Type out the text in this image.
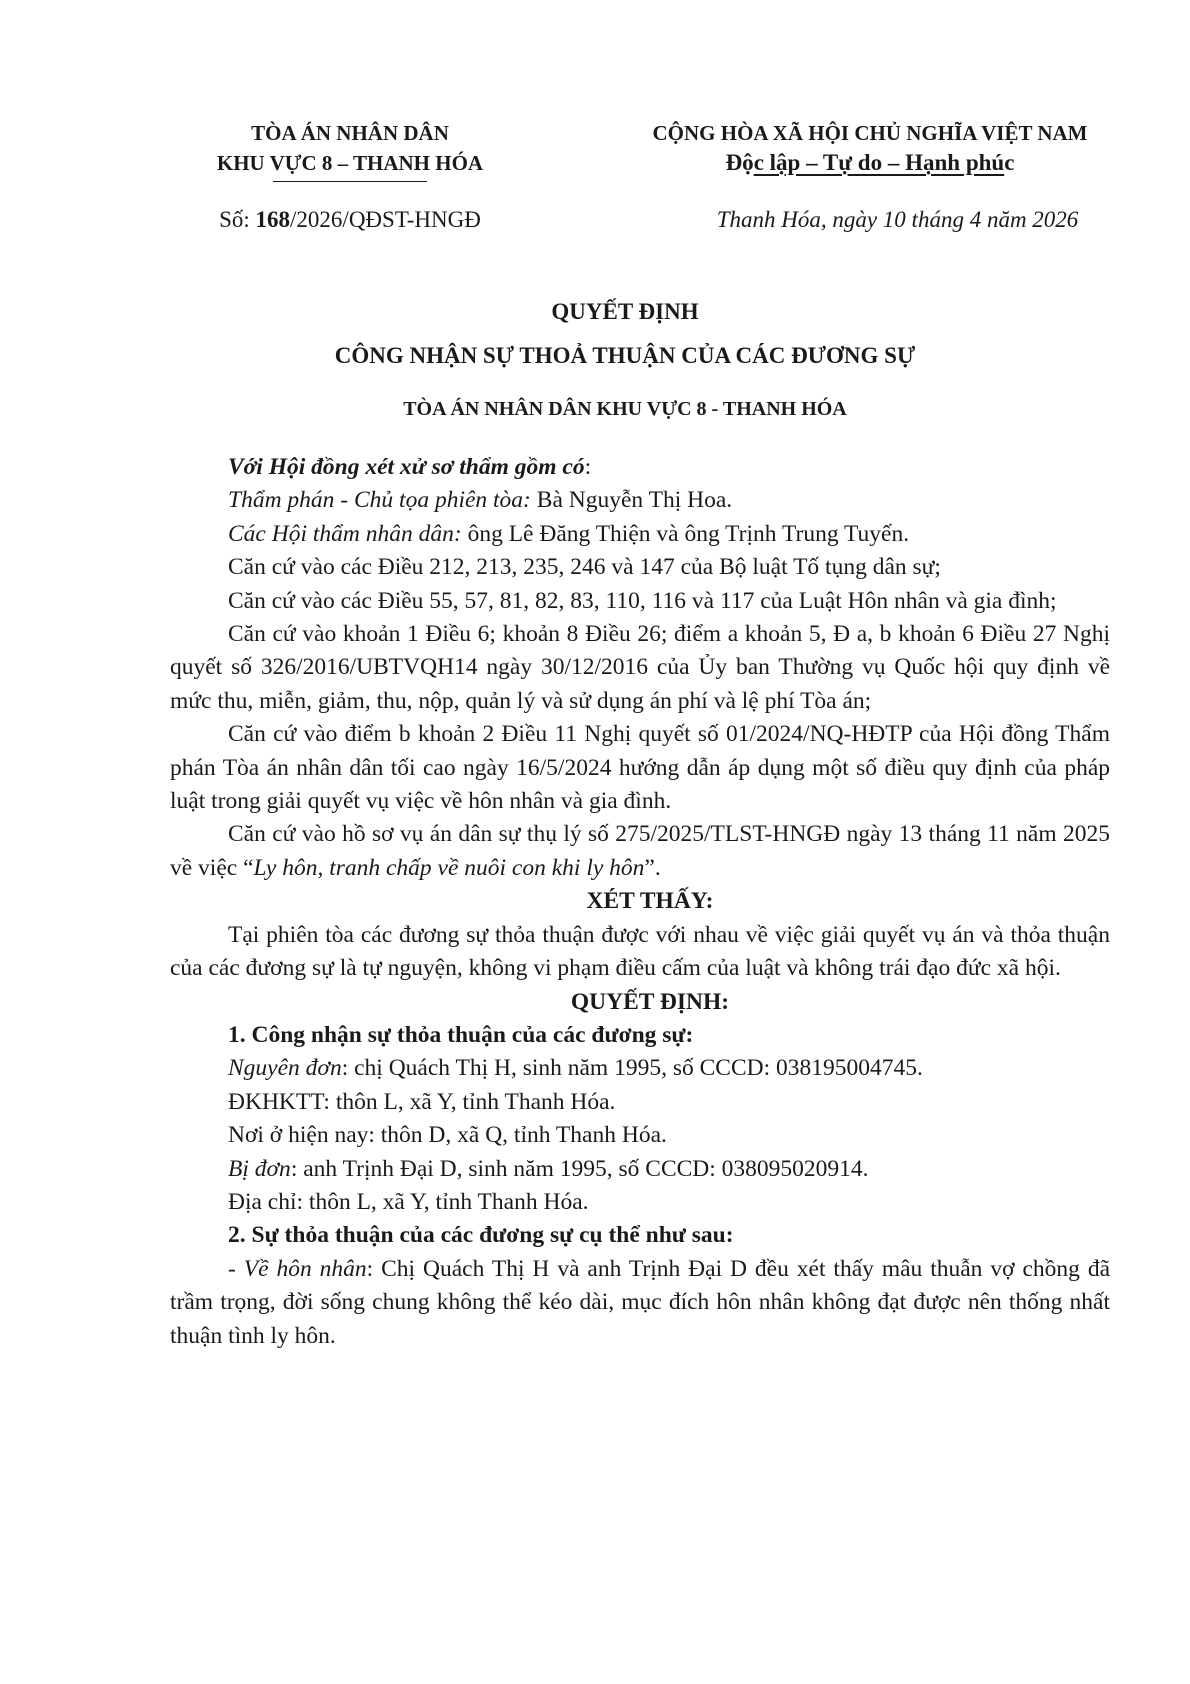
TÒA ÁN NHÂN DÂN
KHU VỰC 8 – THANH HÓA
CỘNG HÒA XÃ HỘI CHỦ NGHĨA VIỆT NAM
Độc lập – Tự do – Hạnh phúc
Số: 168/2026/QĐST-HNGĐ	Thanh Hóa, ngày 10 tháng 4 năm 2026
QUYẾT ĐỊNH
CÔNG NHẬN SỰ THOẢ THUẬN CỦA CÁC ĐƯƠNG SỰ
TÒA ÁN NHÂN DÂN KHU VỰC 8 - THANH HÓA

Với Hội đồng xét xử sơ thẩm gồm có:

Thẩm phán - Chủ tọa phiên tòa: Bà Nguyễn Thị Hoa.

Các Hội thẩm nhân dân: ông Lê Đăng Thiện và ông Trịnh Trung Tuyến.

Căn cứ vào các Điều 212, 213, 235, 246 và 147 của Bộ luật Tố tụng dân sự;

Căn cứ vào các Điều 55, 57, 81, 82, 83, 110, 116 và 117 của Luật Hôn nhân và gia đình;

Căn cứ vào khoản 1 Điều 6; khoản 8 Điều 26; điểm a khoản 5, Đ a, b khoản 6 Điều 27 Nghị quyết số 326/2016/UBTVQH14 ngày 30/12/2016 của Ủy ban Thường vụ Quốc hội quy định về mức thu, miễn, giảm, thu, nộp, quản lý và sử dụng án phí và lệ phí Tòa án;

Căn cứ vào điểm b khoản 2 Điều 11 Nghị quyết số 01/2024/NQ-HĐTP của Hội đồng Thẩm phán Tòa án nhân dân tối cao ngày 16/5/2024 hướng dẫn áp dụng một số điều quy định của pháp luật trong giải quyết vụ việc về hôn nhân và gia đình.

Căn cứ vào hồ sơ vụ án dân sự thụ lý số 275/2025/TLST-HNGĐ ngày 13 tháng 11 năm 2025 về việc “Ly hôn, tranh chấp về nuôi con khi ly hôn”.

XÉT THẤY:

Tại phiên tòa các đương sự thỏa thuận được với nhau về việc giải quyết vụ án và thỏa thuận của các đương sự là tự nguyện, không vi phạm điều cấm của luật và không trái đạo đức xã hội.

QUYẾT ĐỊNH:

1. Công nhận sự thỏa thuận của các đương sự:

Nguyên đơn: chị Quách Thị H, sinh năm 1995, số CCCD: 038195004745.

ĐKHKTT: thôn L, xã Y, tỉnh Thanh Hóa.

Nơi ở hiện nay: thôn D, xã Q, tỉnh Thanh Hóa.

Bị đơn: anh Trịnh Đại D, sinh năm 1995, số CCCD: 038095020914.

Địa chỉ: thôn L, xã Y, tỉnh Thanh Hóa.

2. Sự thỏa thuận của các đương sự cụ thể như sau:

- Về hôn nhân: Chị Quách Thị H và anh Trịnh Đại D đều xét thấy mâu thuẫn vợ chồng đã trầm trọng, đời sống chung không thể kéo dài, mục đích hôn nhân không đạt được nên thống nhất thuận tình ly hôn.
